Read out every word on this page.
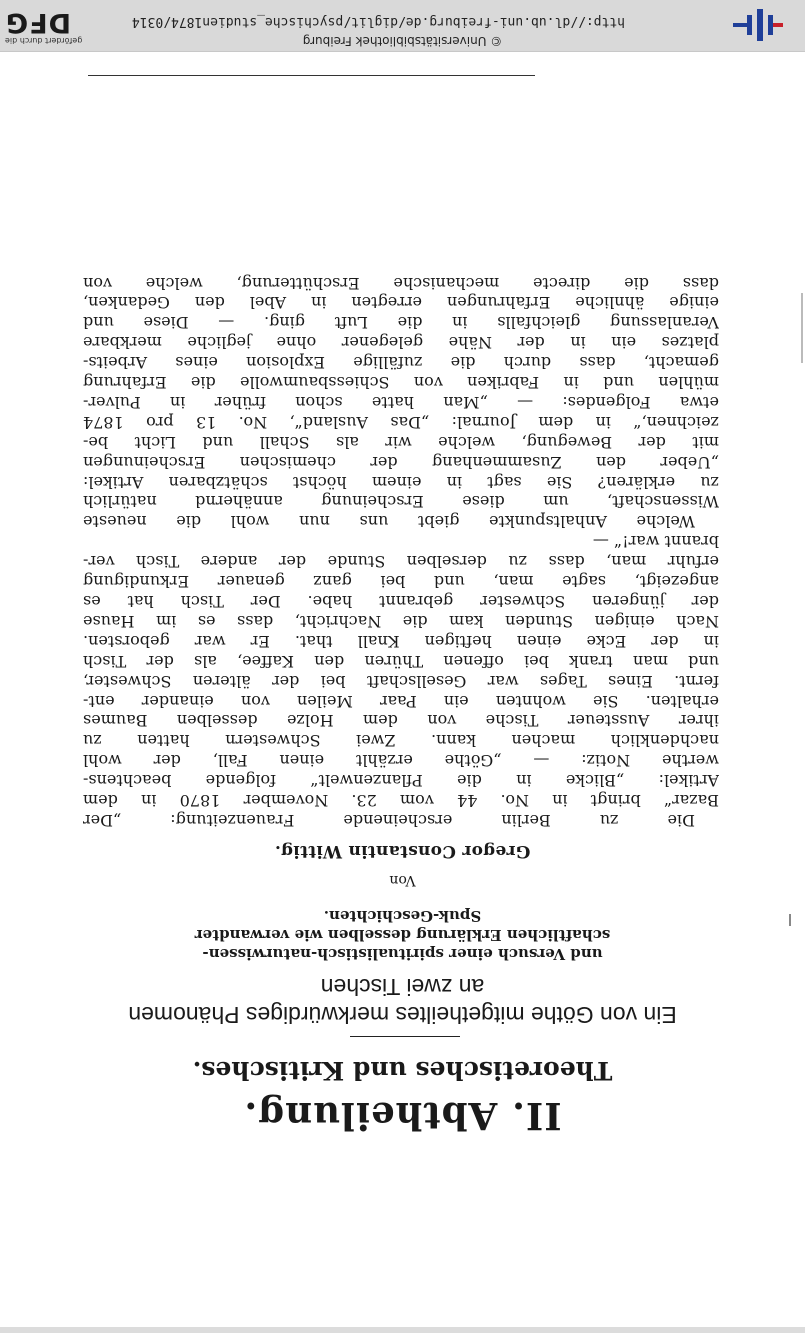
II. Abtheilung.
Theoretisches und Kritisches.
Ein von Göthe mitgetheiltes merkwürdiges Phänomen
an zwei Tischen
und Versuch einer spiritualistisch-naturwissen-
schaftlichen Erklärung desselben wie verwandter
Spuk-Geschichten.
Von
Gregor Constantin Wittig.
Die zu Berlin erscheinende Frauenzeitung: „Der
Bazar“ bringt in No. 44 vom 23. November 1870 in dem
Artikel: „Blicke in die Pflanzenwelt“ folgende beachtens-
werthe Notiz: — „Göthe erzählt einen Fall, der wohl
nachdenklich machen kann. Zwei Schwestern hatten zu
ihrer Aussteuer Tische von dem Holze desselben Baumes
erhalten. Sie wohnten ein Paar Meilen von einander ent-
fernt. Eines Tages war Gesellschaft bei der älteren Schwester,
und man trank bei offenen Thüren den Kaffee, als der Tisch
in der Ecke einen heftigen Knall that. Er war geborsten.
Nach einigen Stunden kam die Nachricht, dass es im Hause
der jüngeren Schwester gebrannt habe. Der Tisch hat es
angezeigt, sagte man, und bei ganz genauer Erkundigung
erfuhr man, dass zu derselben Stunde der andere Tisch ver-
brannt war!“ —
Welche Anhaltspunkte giebt uns nun wohl die neueste
Wissenschaft, um diese Erscheinung annähernd natürlich
zu erklären? Sie sagt in einem höchst schätzbaren Artikel:
„Ueber den Zusammenhang der chemischen Erscheinungen
mit der Bewegung, welche wir als Schall und Licht be-
zeichnen,“ in dem Journal: „Das Ausland“, No. 13 pro 1874
etwa Folgendes: — „Man hatte schon früher in Pulver-
mühlen und in Fabriken von Schiessbaumwolle die Erfahrung
gemacht, dass durch die zufällige Explosion eines Arbeits-
platzes ein in der Nähe gelegener ohne jegliche merkbare
Veranlassung gleichfalls in die Luft ging. — Diese und
einige ähnliche Erfahrungen erregten in Abel den Gedanken,
dass die directe mechanische Erschütterung, welche von
© Universitätsbibliothek Freiburg
http://dl.ub.uni-freiburg.de/diglit/psychische_studien1874/0314
gefördert durch die
DFG
